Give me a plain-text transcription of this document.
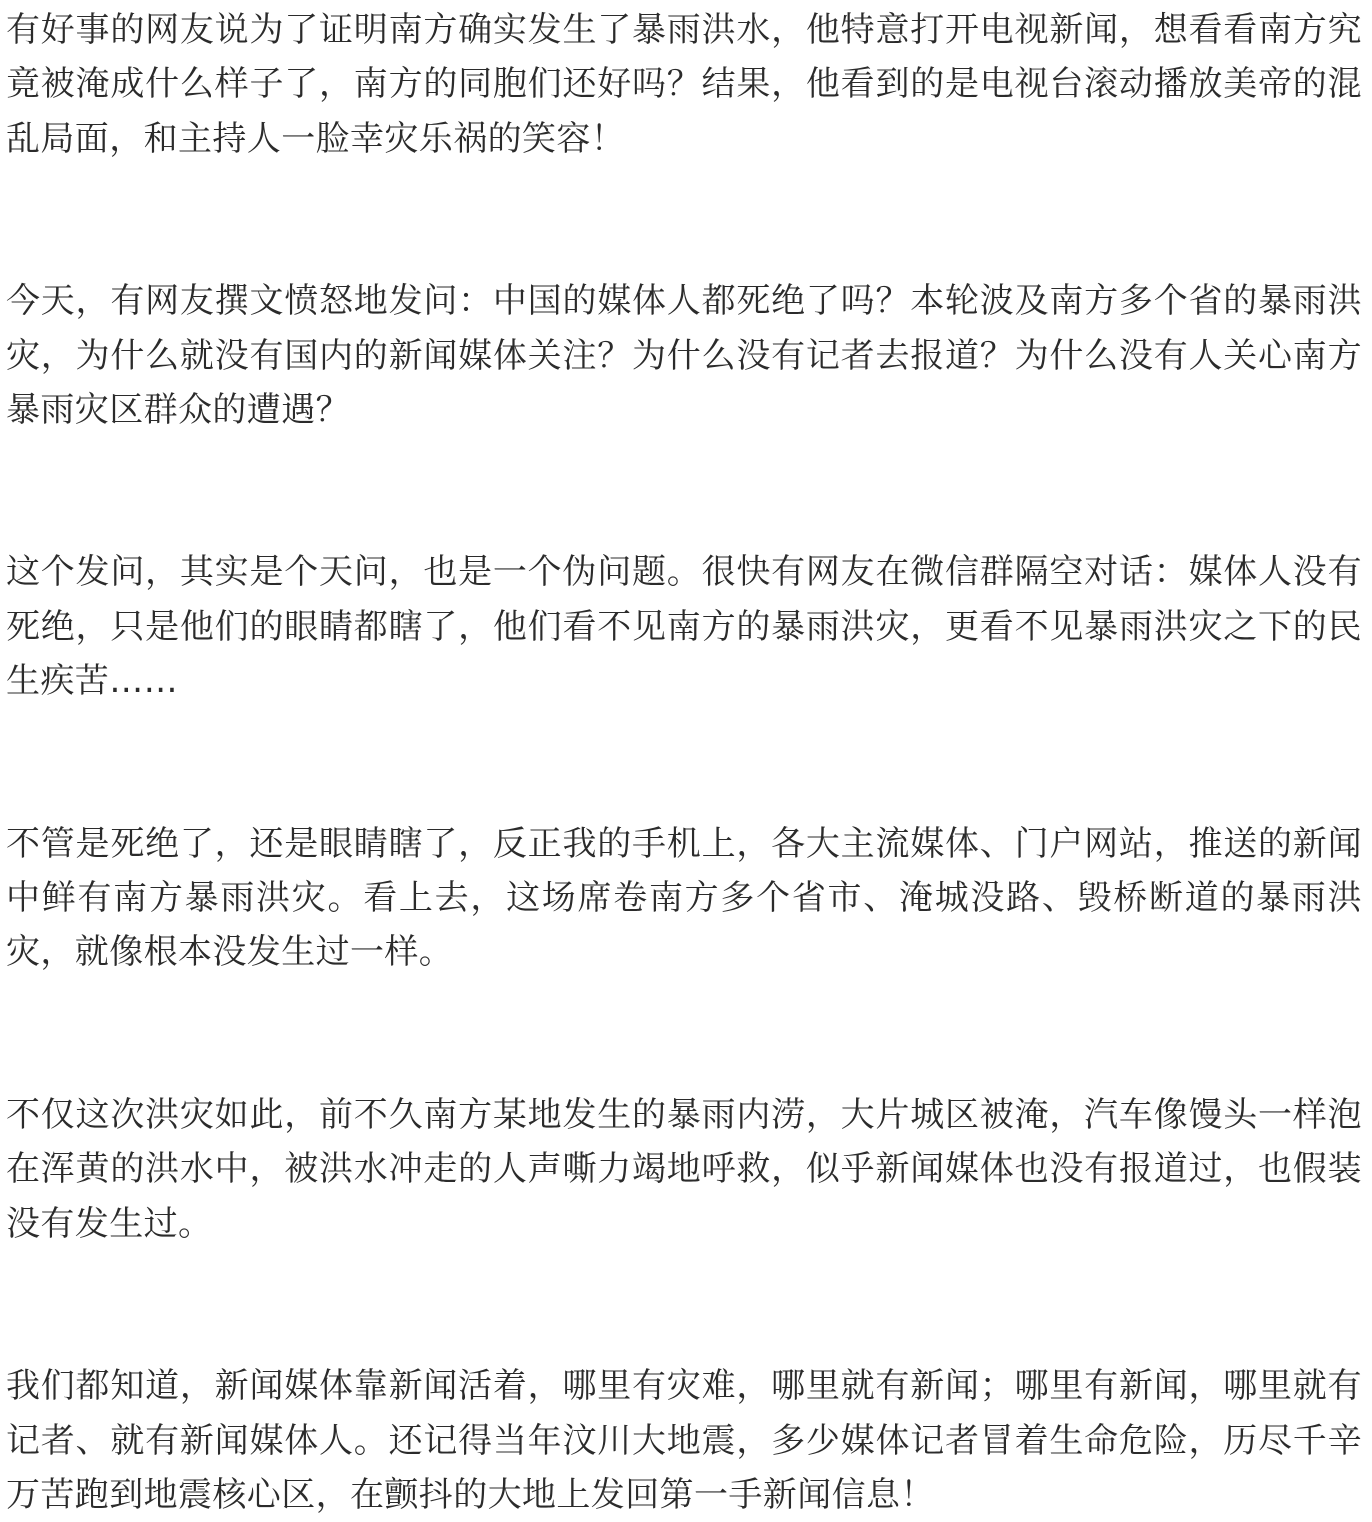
有好事的网友说为了证明南方确实发生了暴雨洪水，他特意打开电视新闻，想看看南方究竟被淹成什么样子了，南方的同胞们还好吗？结果，他看到的是电视台滚动播放美帝的混乱局面，和主持人一脸幸灾乐祸的笑容！

今天，有网友撰文愤怒地发问：中国的媒体人都死绝了吗？本轮波及南方多个省的暴雨洪灾，为什么就没有国内的新闻媒体关注？为什么没有记者去报道？为什么没有人关心南方暴雨灾区群众的遭遇？

这个发问，其实是个天问，也是一个伪问题。很快有网友在微信群隔空对话：媒体人没有死绝，只是他们的眼睛都瞎了，他们看不见南方的暴雨洪灾，更看不见暴雨洪灾之下的民生疾苦……

不管是死绝了，还是眼睛瞎了，反正我的手机上，各大主流媒体、门户网站，推送的新闻中鲜有南方暴雨洪灾。看上去，这场席卷南方多个省市、淹城没路、毁桥断道的暴雨洪灾，就像根本没发生过一样。

不仅这次洪灾如此，前不久南方某地发生的暴雨内涝，大片城区被淹，汽车像馒头一样泡在浑黄的洪水中，被洪水冲走的人声嘶力竭地呼救，似乎新闻媒体也没有报道过，也假装没有发生过。

我们都知道，新闻媒体靠新闻活着，哪里有灾难，哪里就有新闻；哪里有新闻，哪里就有记者、就有新闻媒体人。还记得当年汶川大地震，多少媒体记者冒着生命危险，历尽千辛万苦跑到地震核心区，在颤抖的大地上发回第一手新闻信息！
